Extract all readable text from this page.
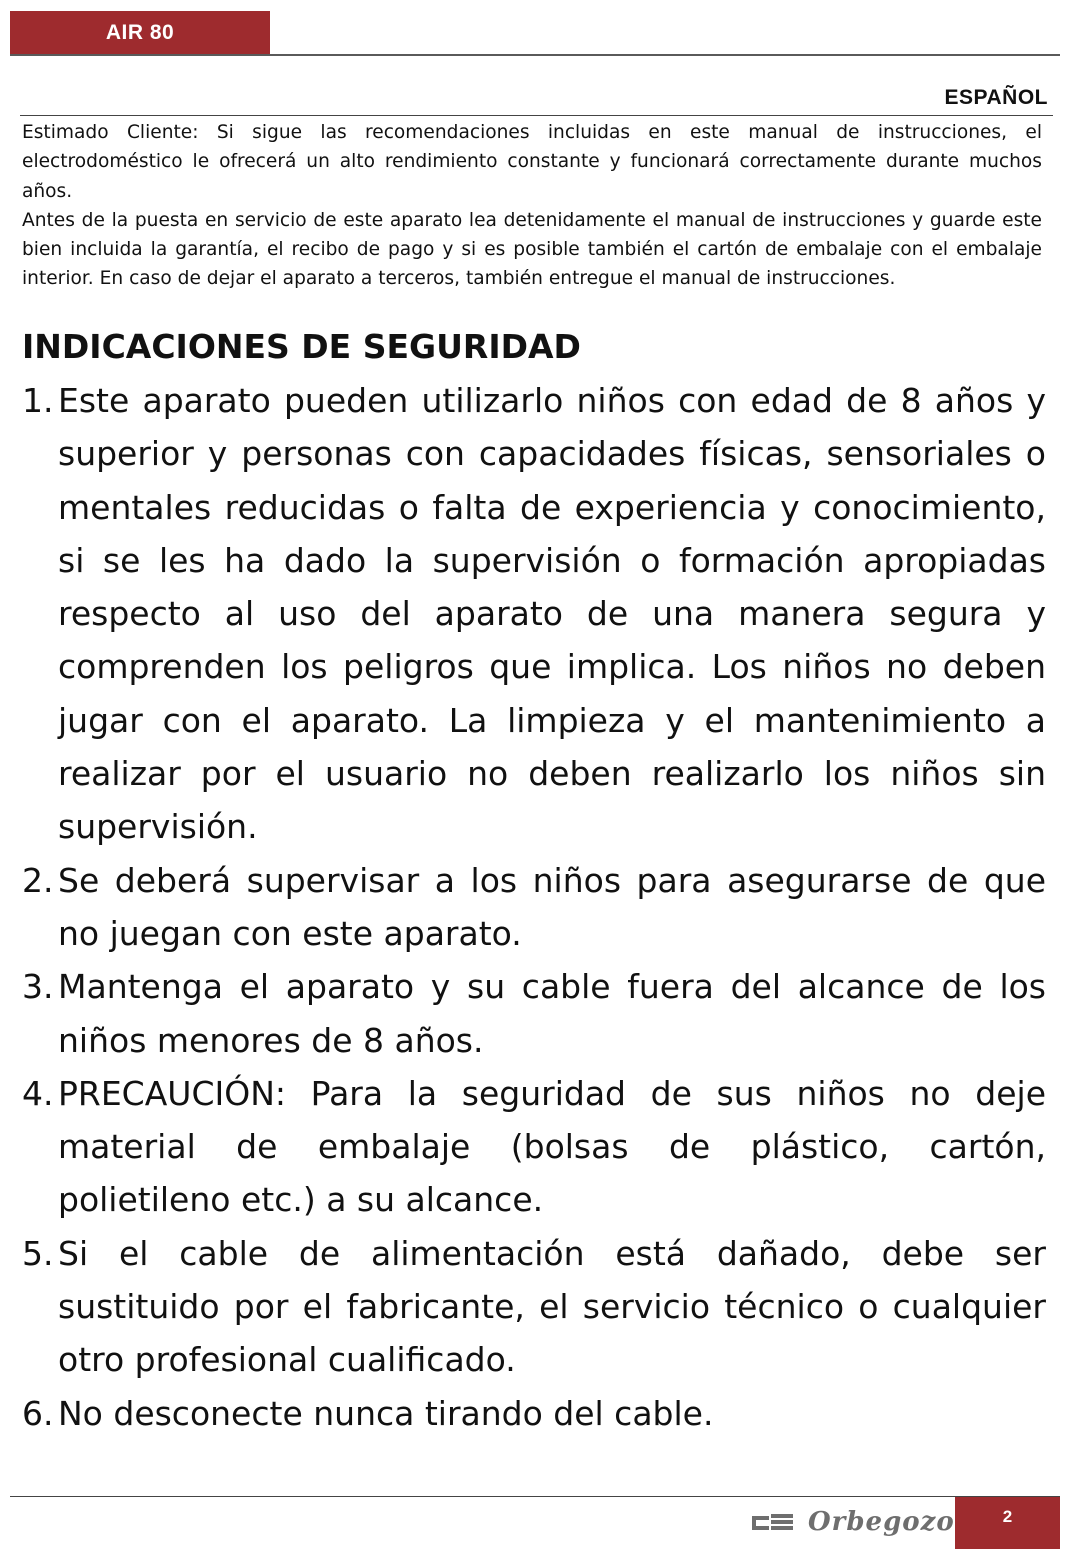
AIR 80
ESPAÑOL

Estimado Cliente: Si sigue las recomendaciones incluidas en este manual de instrucciones, el electrodoméstico le ofrecerá un alto rendimiento constante y funcionará correctamente durante muchos años.

Antes de la puesta en servicio de este aparato lea detenidamente el manual de instrucciones y guarde este bien incluida la garantía, el recibo de pago y si es posible también el cartón de embalaje con el embalaje interior. En caso de dejar el aparato a terceros, también entregue el manual de instrucciones.

INDICACIONES DE SEGURIDAD
1. Este aparato pueden utilizarlo niños con edad de 8 años y superior y personas con capacidades físicas, sensoriales o mentales reducidas o falta de experiencia y conocimiento, si se les ha dado la supervisión o formación apropiadas respecto al uso del aparato de una manera segura y comprenden los peligros que implica. Los niños no deben jugar con el aparato. La limpieza y el mantenimiento a realizar por el usuario no deben realizarlo los niños sin supervisión.
2. Se deberá supervisar a los niños para asegurarse de que no juegan con este aparato.
3. Mantenga el aparato y su cable fuera del alcance de los niños menores de 8 años.
4. PRECAUCIÓN: Para la seguridad de sus niños no deje material de embalaje (bolsas de plástico, cartón, polietileno etc.) a su alcance.
5. Si el cable de alimentación está dañado, debe ser sustituido por el fabricante, el servicio técnico o cualquier otro profesional cualificado.
6. No desconecte nunca tirando del cable.
Orbegozo	2
